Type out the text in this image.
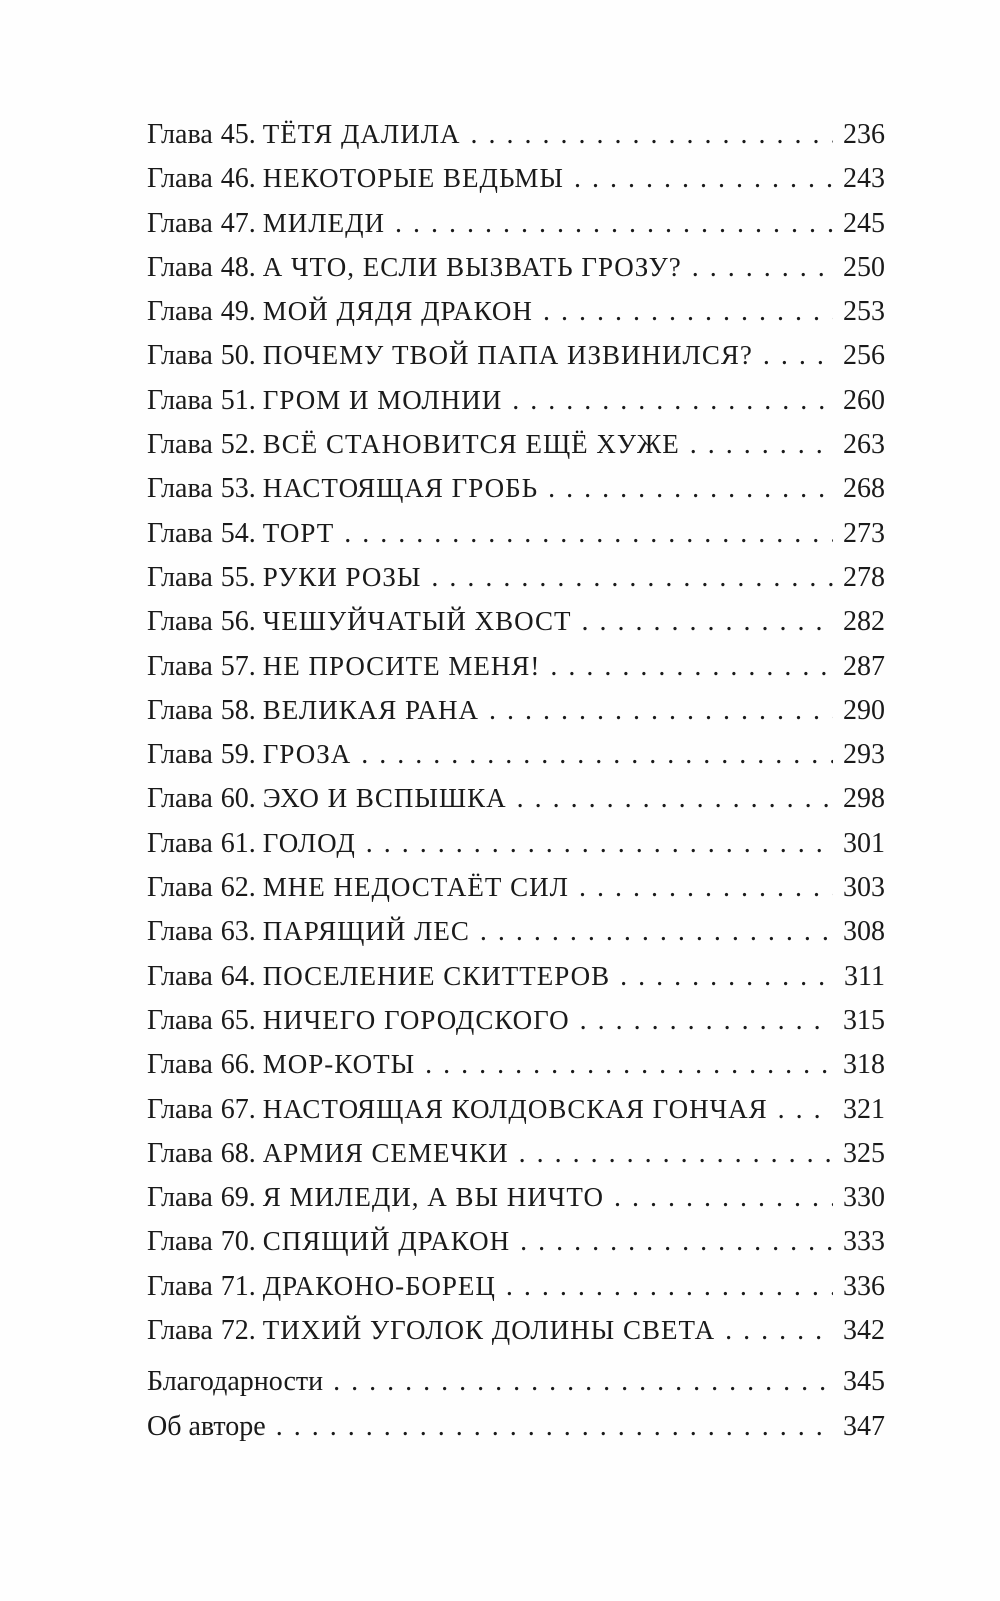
Глава 45. ТЁТЯ ДАЛИЛА . . .	236
Глава 46. НЕКОТОРЫЕ ВЕДЬМЫ . . .	243
Глава 47. МИЛЕДИ . . .	245
Глава 48. А ЧТО, ЕСЛИ ВЫЗВАТЬ ГРОЗУ? . . .	250
Глава 49. МОЙ ДЯДЯ ДРАКОН . . .	253
Глава 50. ПОЧЕМУ ТВОЙ ПАПА ИЗВИНИЛСЯ? . . .	256
Глава 51. ГРОМ И МОЛНИИ . . .	260
Глава 52. ВСЁ СТАНОВИТСЯ ЕЩЁ ХУЖЕ . . .	263
Глава 53. НАСТОЯЩАЯ ГРОБЬ . . .	268
Глава 54. ТОРТ . . .	273
Глава 55. РУКИ РОЗЫ . . .	278
Глава 56. ЧЕШУЙЧАТЫЙ ХВОСТ . . .	282
Глава 57. НЕ ПРОСИТЕ МЕНЯ! . . .	287
Глава 58. ВЕЛИКАЯ РАНА . . .	290
Глава 59. ГРОЗА . . .	293
Глава 60. ЭХО И ВСПЫШКА . . .	298
Глава 61. ГОЛОД . . .	301
Глава 62. МНЕ НЕДОСТАЁТ СИЛ . . .	303
Глава 63. ПАРЯЩИЙ ЛЕС . . .	308
Глава 64. ПОСЕЛЕНИЕ СКИТТЕРОВ . . .	311
Глава 65. НИЧЕГО ГОРОДСКОГО . . .	315
Глава 66. МОР-КОТЫ . . .	318
Глава 67. НАСТОЯЩАЯ КОЛДОВСКАЯ ГОНЧАЯ . . .	321
Глава 68. АРМИЯ СЕМЕЧКИ . . .	325
Глава 69. Я МИЛЕДИ, А ВЫ НИЧТО . . .	330
Глава 70. СПЯЩИЙ ДРАКОН . . .	333
Глава 71. ДРАКОНО-БОРЕЦ . . .	336
Глава 72. ТИХИЙ УГОЛОК ДОЛИНЫ СВЕТА . . .	342
Благодарности . . .	345
Об авторе . . .	347
